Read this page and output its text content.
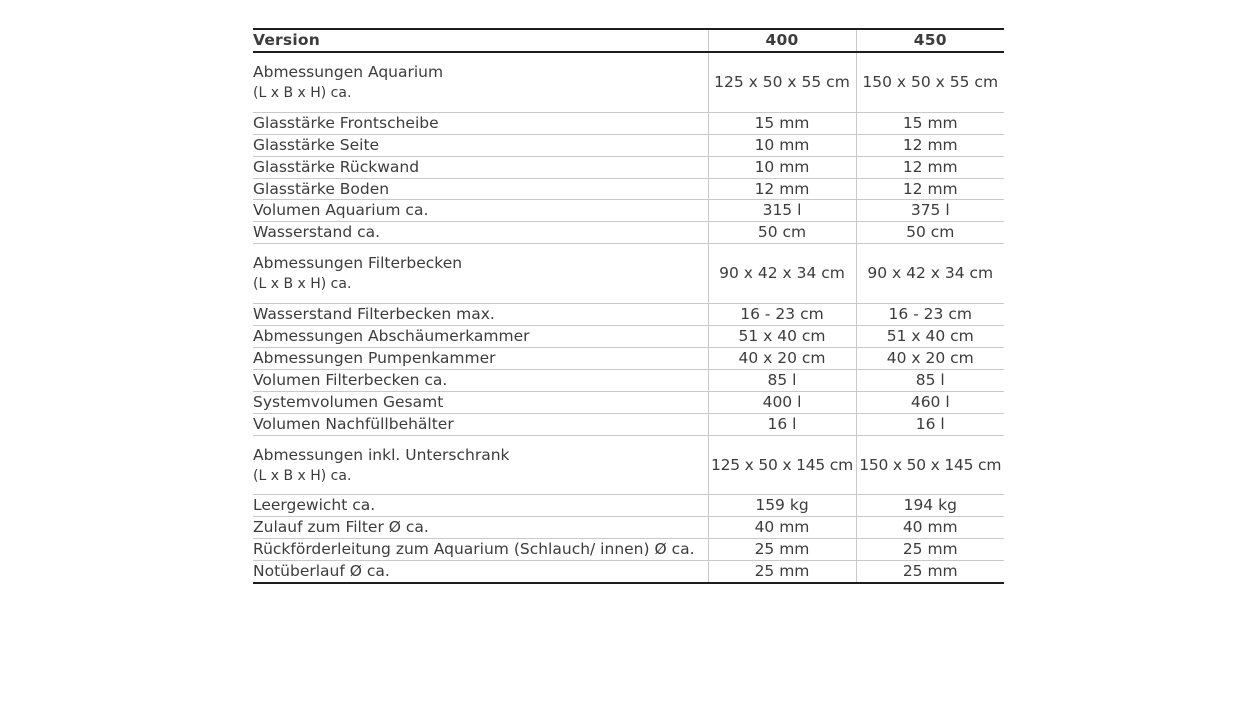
Version	400	450
Abmessungen Aquarium
(L x B x H) ca.	125 x 50 x 55 cm	150 x 50 x 55 cm
Glasstärke Frontscheibe	15 mm	15 mm
Glasstärke Seite	10 mm	12 mm
Glasstärke Rückwand	10 mm	12 mm
Glasstärke Boden	12 mm	12 mm
Volumen Aquarium ca.	315 l	375 l
Wasserstand ca.	50 cm	50 cm
Abmessungen Filterbecken
(L x B x H) ca.	90 x 42 x 34 cm	90 x 42 x 34 cm
Wasserstand Filterbecken max.	16 - 23 cm	16 - 23 cm
Abmessungen Abschäumerkammer	51 x 40 cm	51 x 40 cm
Abmessungen Pumpenkammer	40 x 20 cm	40 x 20 cm
Volumen Filterbecken ca.	85 l	85 l
Systemvolumen Gesamt	400 l	460 l
Volumen Nachfüllbehälter	16 l	16 l
Abmessungen inkl. Unterschrank
(L x B x H) ca.	125 x 50 x 145 cm	150 x 50 x 145 cm
Leergewicht ca.	159 kg	194 kg
Zulauf zum Filter Ø ca.	40 mm	40 mm
Rückförderleitung zum Aquarium (Schlauch/ innen) Ø ca.	25 mm	25 mm
Notüberlauf Ø ca.	25 mm	25 mm
